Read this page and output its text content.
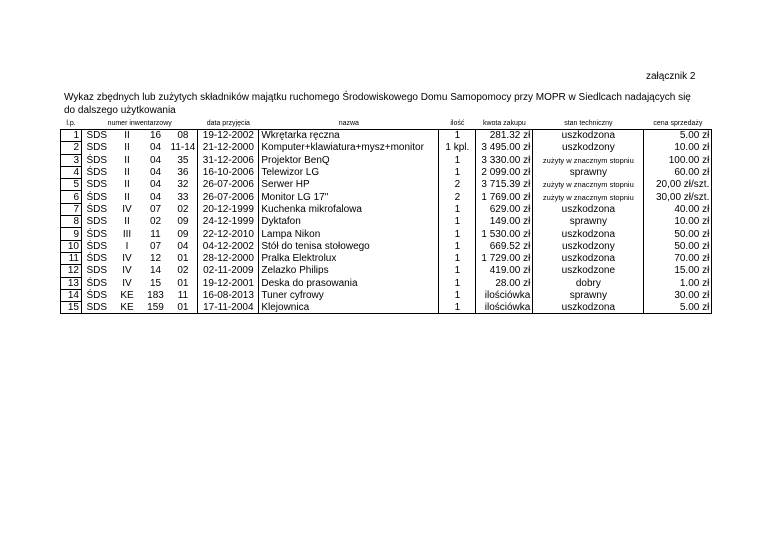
załącznik 2
Wykaz zbędnych lub zużytych składników majątku ruchomego Środowiskowego Domu Samopomocy przy MOPR w Siedlcach nadających się do dalszego użytkowania
l.p.	numer inwentarzowy				data przyjęcia	nazwa	ilość	kwota zakupu	stan techniczny	cena sprzedaży
1	ŚDS	II	16	08	19-12-2002	Wkrętarka ręczna	1	281.32 zł	uszkodzona	5.00 zł
2	ŚDS	II	04	11-14	21-12-2000	Komputer+klawiatura+mysz+monitor	1 kpl.	3 495.00 zł	uszkodzony	10.00 zł
3	ŚDS	II	04	35	31-12-2006	Projektor BenQ	1	3 330.00 zł	zużyty w znacznym stopniu	100.00 zł
4	ŚDS	II	04	36	16-10-2006	Telewizor LG	1	2 099.00 zł	sprawny	60.00 zł
5	ŚDS	II	04	32	26-07-2006	Serwer HP	2	3 715.39 zł	zużyty w znacznym stopniu	20,00 zł/szt.
6	ŚDS	II	04	33	26-07-2006	Monitor LG 17"	2	1 769.00 zł	zużyty w znacznym stopniu	30,00 zł/szt.
7	ŚDS	IV	07	02	20-12-1999	Kuchenka mikrofalowa	1	629.00 zł	uszkodzona	40.00 zł
8	ŚDS	II	02	09	24-12-1999	Dyktafon	1	149.00 zł	sprawny	10.00 zł
9	ŚDS	III	11	09	22-12-2010	Lampa Nikon	1	1 530.00 zł	uszkodzona	50.00 zł
10	ŚDS	I	07	04	04-12-2002	Stół do tenisa stołowego	1	669.52 zł	uszkodzony	50.00 zł
11	ŚDS	IV	12	01	28-12-2000	Pralka Elektrolux	1	1 729.00 zł	uszkodzona	70.00 zł
12	ŚDS	IV	14	02	02-11-2009	Żelazko Philips	1	419.00 zł	uszkodzone	15.00 zł
13	ŚDS	IV	15	01	19-12-2001	Deska do prasowania	1	28.00 zł	dobry	1.00 zł
14	ŚDS	KE	183	11	16-08-2013	Tuner cyfrowy	1	ilościówka	sprawny	30.00 zł
15	ŚDS	KE	159	01	17-11-2004	Klejownica	1	ilościówka	uszkodzona	5.00 zł
